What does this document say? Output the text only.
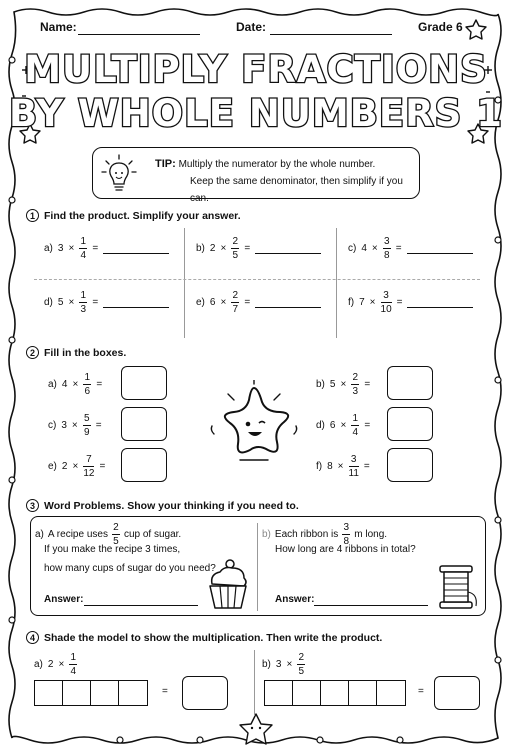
Name:	Date:	Grade 6
MULTIPLY FRACTIONS
BY WHOLE NUMBERS 1
TIP: Multiply the numerator by the whole number.
Keep the same denominator, then simplify if you can.
1 Find the product. Simplify your answer.
a) $3 \times \frac{1}{4}$ =	b) $2 \times \frac{2}{5}$ =	c) $4 \times \frac{3}{8}$ =
d) $5 \times \frac{1}{3}$ =	e) $6 \times \frac{2}{7}$ =	f) $7 \times \frac{3}{10}$ =
2 Fill in the boxes.
a) $4 \times \frac{1}{6}$ =	b) $5 \times \frac{2}{3}$ =
c) $3 \times \frac{5}{9}$ =	d) $6 \times \frac{1}{4}$ =
e) $2 \times \frac{7}{12}$ =	f) $8 \times \frac{3}{11}$ =
3 Word Problems. Show your thinking if you need to.
a) A recipe uses $\frac{2}{5}$ cup of sugar.
If you make the recipe 3 times,
how many cups of sugar do you need?
Answer:
b) Each ribbon is $\frac{3}{8}$ m long.
How long are 4 ribbons in total?
Answer:
4 Shade the model to show the multiplication. Then write the product.
a) $2 \times \frac{1}{4}$
=
b) $3 \times \frac{2}{5}$
=
